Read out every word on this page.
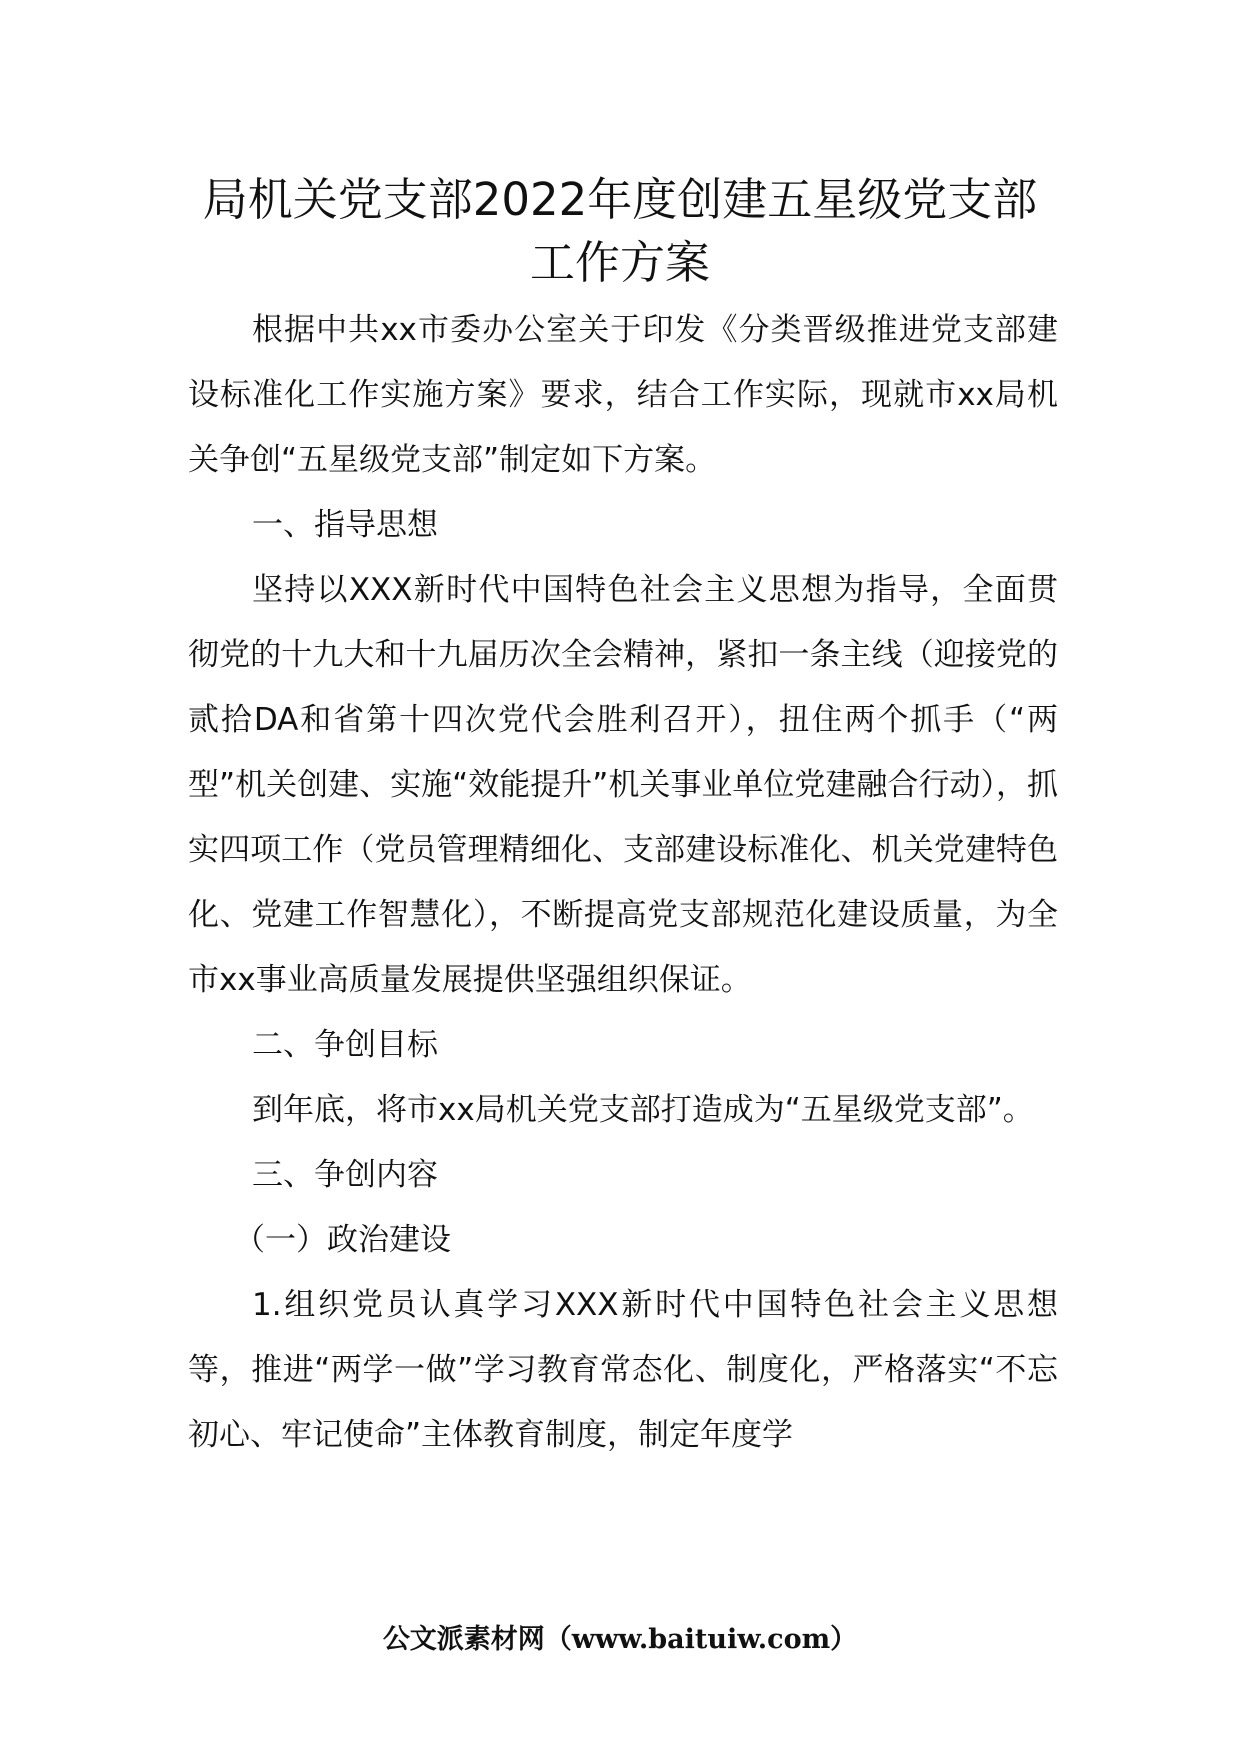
局机关党支部2022年度创建五星级党支部
工作方案

根据中共xx市委办公室关于印发《分类晋级推进党支部建设标准化工作实施方案》要求，结合工作实际，现就市xx局机关争创“五星级党支部”制定如下方案。

一、指导思想

坚持以XXX新时代中国特色社会主义思想为指导，全面贯彻党的十九大和十九届历次全会精神，紧扣一条主线（迎接党的贰拾DA和省第十四次党代会胜利召开），扭住两个抓手（“两型”机关创建、实施“效能提升”机关事业单位党建融合行动），抓实四项工作（党员管理精细化、支部建设标准化、机关党建特色化、党建工作智慧化），不断提高党支部规范化建设质量，为全市xx事业高质量发展提供坚强组织保证。

二、争创目标

到年底，将市xx局机关党支部打造成为“五星级党支部”。

三、争创内容

（一）政治建设

1.组织党员认真学习XXX新时代中国特色社会主义思想等，推进“两学一做”学习教育常态化、制度化，严格落实“不忘初心、牢记使命”主体教育制度，制定年度学

公文派素材网（www.baituiw.com）
